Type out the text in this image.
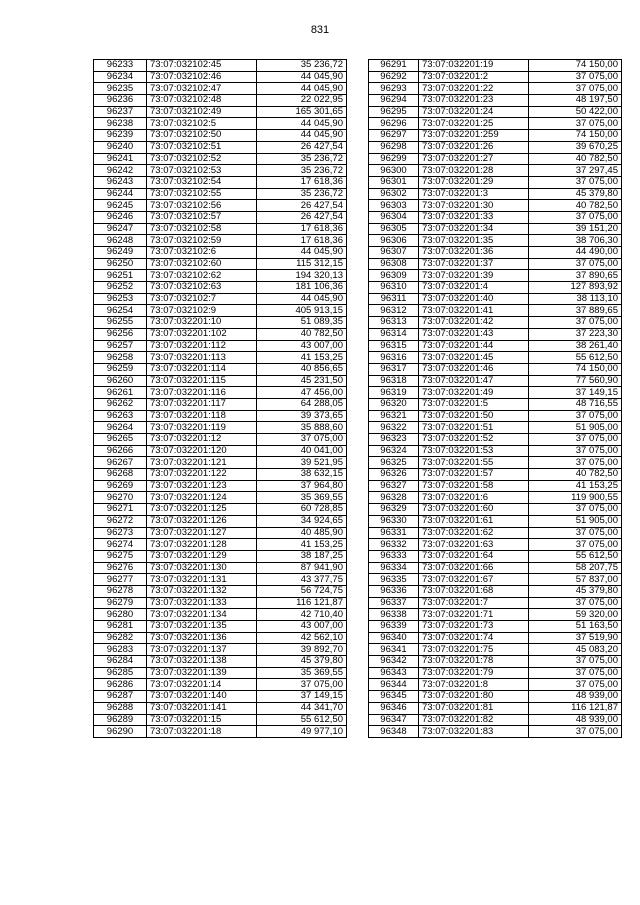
831
96233	73:07:032102:45	35 236,72
96234	73:07:032102:46	44 045,90
96235	73:07:032102:47	44 045,90
96236	73:07:032102:48	22 022,95
96237	73:07:032102:49	165 301,65
96238	73:07:032102:5	44 045,90
96239	73:07:032102:50	44 045,90
96240	73:07:032102:51	26 427,54
96241	73:07:032102:52	35 236,72
96242	73:07:032102:53	35 236,72
96243	73:07:032102:54	17 618,36
96244	73:07:032102:55	35 236,72
96245	73:07:032102:56	26 427,54
96246	73:07:032102:57	26 427,54
96247	73:07:032102:58	17 618,36
96248	73:07:032102:59	17 618,36
96249	73:07:032102:6	44 045,90
96250	73:07:032102:60	115 312,15
96251	73:07:032102:62	194 320,13
96252	73:07:032102:63	181 106,36
96253	73:07:032102:7	44 045,90
96254	73:07:032102:9	405 913,15
96255	73:07:032201:10	51 089,35
96256	73:07:032201:102	40 782,50
96257	73:07:032201:112	43 007,00
96258	73:07:032201:113	41 153,25
96259	73:07:032201:114	40 856,65
96260	73:07:032201:115	45 231,50
96261	73:07:032201:116	47 456,00
96262	73:07:032201:117	64 288,05
96263	73:07:032201:118	39 373,65
96264	73:07:032201:119	35 888,60
96265	73:07:032201:12	37 075,00
96266	73:07:032201:120	40 041,00
96267	73:07:032201:121	39 521,95
96268	73:07:032201:122	38 632,15
96269	73:07:032201:123	37 964,80
96270	73:07:032201:124	35 369,55
96271	73:07:032201:125	60 728,85
96272	73:07:032201:126	34 924,65
96273	73:07:032201:127	40 485,90
96274	73:07:032201:128	41 153,25
96275	73:07:032201:129	38 187,25
96276	73:07:032201:130	87 941,90
96277	73:07:032201:131	43 377,75
96278	73:07:032201:132	56 724,75
96279	73:07:032201:133	116 121,87
96280	73:07:032201:134	42 710,40
96281	73:07:032201:135	43 007,00
96282	73:07:032201:136	42 562,10
96283	73:07:032201:137	39 892,70
96284	73:07:032201:138	45 379,80
96285	73:07:032201:139	35 369,55
96286	73:07:032201:14	37 075,00
96287	73:07:032201:140	37 149,15
96288	73:07:032201:141	44 341,70
96289	73:07:032201:15	55 612,50
96290	73:07:032201:18	49 977,10
96291	73:07:032201:19	74 150,00
96292	73:07:032201:2	37 075,00
96293	73:07:032201:22	37 075,00
96294	73:07:032201:23	48 197,50
96295	73:07:032201:24	50 422,00
96296	73:07:032201:25	37 075,00
96297	73:07:032201:259	74 150,00
96298	73:07:032201:26	39 670,25
96299	73:07:032201:27	40 782,50
96300	73:07:032201:28	37 297,45
96301	73:07:032201:29	37 075,00
96302	73:07:032201:3	45 379,80
96303	73:07:032201:30	40 782,50
96304	73:07:032201:33	37 075,00
96305	73:07:032201:34	39 151,20
96306	73:07:032201:35	38 706,30
96307	73:07:032201:36	44 490,00
96308	73:07:032201:37	37 075,00
96309	73:07:032201:39	37 890,65
96310	73:07:032201:4	127 893,92
96311	73:07:032201:40	38 113,10
96312	73:07:032201:41	37 889,65
96313	73:07:032201:42	37 075,00
96314	73:07:032201:43	37 223,30
96315	73:07:032201:44	38 261,40
96316	73:07:032201:45	55 612,50
96317	73:07:032201:46	74 150,00
96318	73:07:032201:47	77 560,90
96319	73:07:032201:49	37 149,15
96320	73:07:032201:5	48 716,55
96321	73:07:032201:50	37 075,00
96322	73:07:032201:51	51 905,00
96323	73:07:032201:52	37 075,00
96324	73:07:032201:53	37 075,00
96325	73:07:032201:55	37 075,00
96326	73:07:032201:57	40 782,50
96327	73:07:032201:58	41 153,25
96328	73:07:032201:6	119 900,55
96329	73:07:032201:60	37 075,00
96330	73:07:032201:61	51 905,00
96331	73:07:032201:62	37 075,00
96332	73:07:032201:63	37 075,00
96333	73:07:032201:64	55 612,50
96334	73:07:032201:66	58 207,75
96335	73:07:032201:67	57 837,00
96336	73:07:032201:68	45 379,80
96337	73:07:032201:7	37 075,00
96338	73:07:032201:71	59 320,00
96339	73:07:032201:73	51 163,50
96340	73:07:032201:74	37 519,90
96341	73:07:032201:75	45 083,20
96342	73:07:032201:78	37 075,00
96343	73:07:032201:79	37 075,00
96344	73:07:032201:8	37 075,00
96345	73:07:032201:80	48 939,00
96346	73:07:032201:81	116 121,87
96347	73:07:032201:82	48 939,00
96348	73:07:032201:83	37 075,00
